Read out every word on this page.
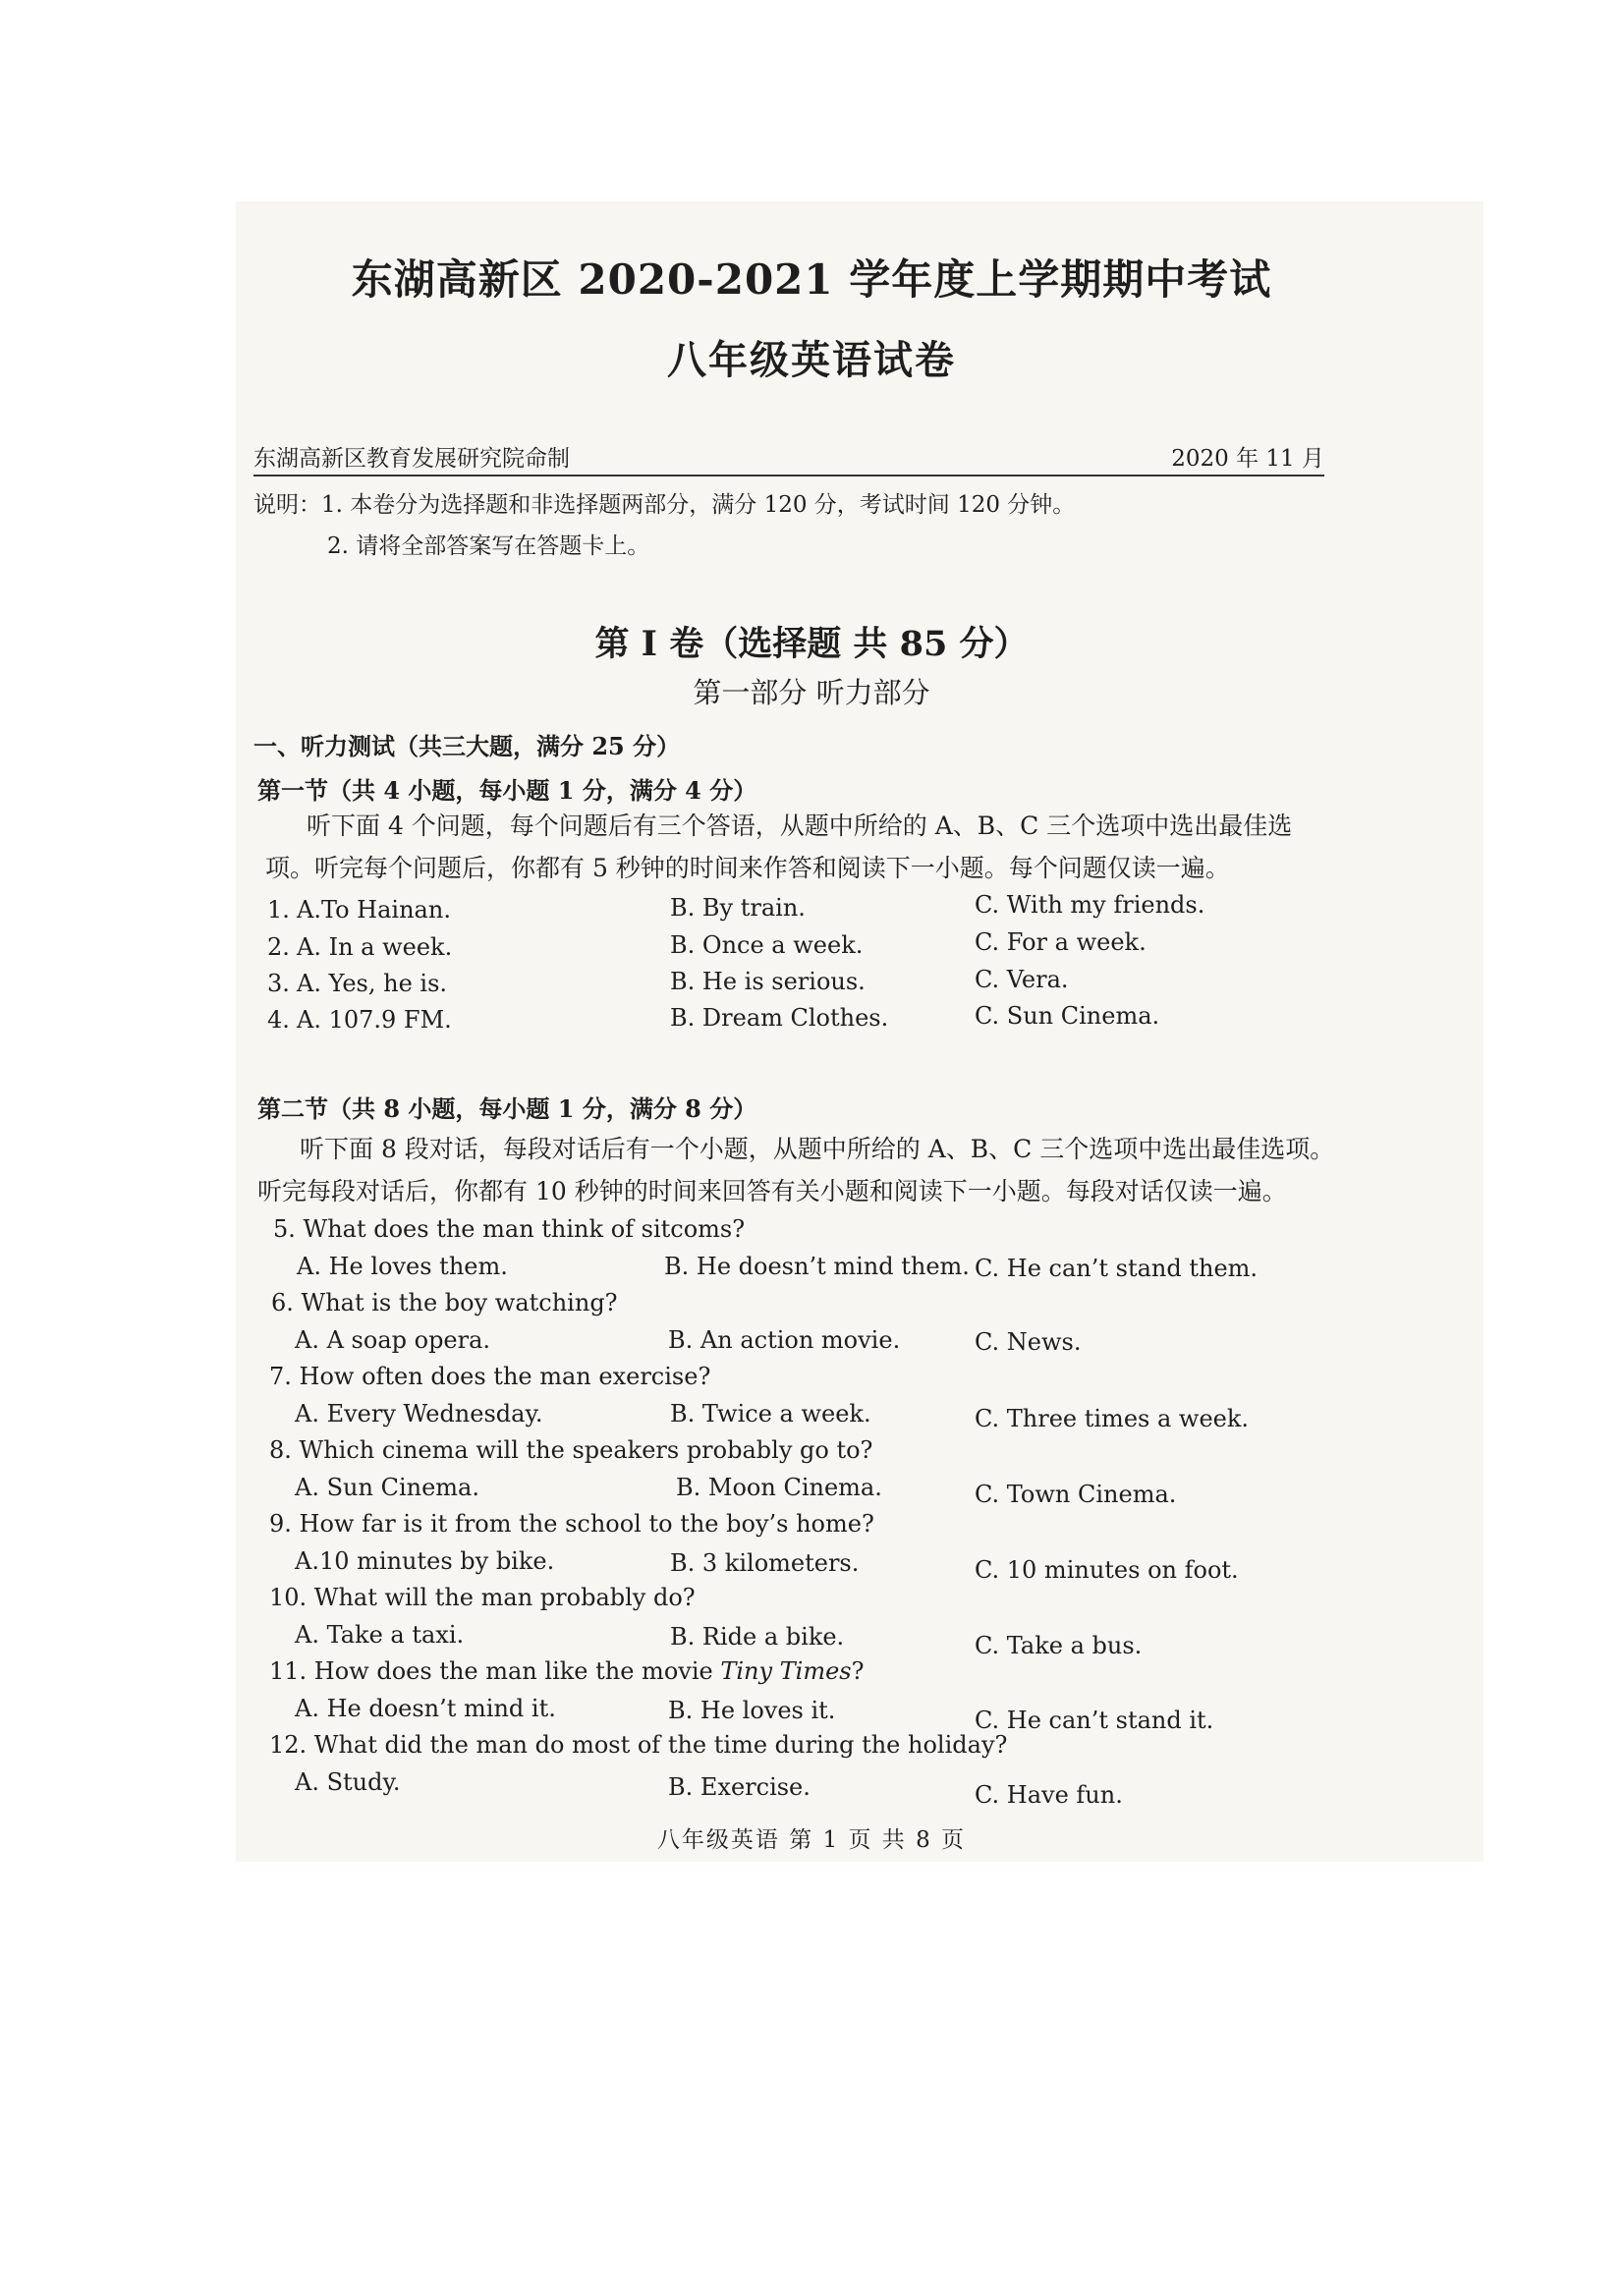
东湖高新区 2020-2021 学年度上学期期中考试
八年级英语试卷
东湖高新区教育发展研究院命制	2020 年 11 月
说明：1. 本卷分为选择题和非选择题两部分，满分 120 分，考试时间 120 分钟。
2. 请将全部答案写在答题卡上。
第 I 卷（选择题 共 85 分）
第一部分 听力部分
一、听力测试（共三大题，满分 25 分）
第一节（共 4 小题，每小题 1 分，满分 4 分）
听下面 4 个问题，每个问题后有三个答语，从题中所给的 A、B、C 三个选项中选出最佳选
项。听完每个问题后，你都有 5 秒钟的时间来作答和阅读下一小题。每个问题仅读一遍。
1. A.To Hainan.	B. By train.	C. With my friends.
2. A. In a week.	B. Once a week.	C. For a week.
3. A. Yes, he is.	B. He is serious.	C. Vera.
4. A. 107.9 FM.	B. Dream Clothes.	C. Sun Cinema.
第二节（共 8 小题，每小题 1 分，满分 8 分）
听下面 8 段对话，每段对话后有一个小题，从题中所给的 A、B、C 三个选项中选出最佳选项。
听完每段对话后，你都有 10 秒钟的时间来回答有关小题和阅读下一小题。每段对话仅读一遍。
5. What does the man think of sitcoms?
A. He loves them.	B. He doesn’t mind them. C. He can’t stand them.
6. What is the boy watching?
A. A soap opera.	B. An action movie.	C. News.
7. How often does the man exercise?
A. Every Wednesday.	B. Twice a week.	C. Three times a week.
8. Which cinema will the speakers probably go to?
A. Sun Cinema.	B. Moon Cinema.	C. Town Cinema.
9. How far is it from the school to the boy’s home?
A.10 minutes by bike.	B. 3 kilometers.	C. 10 minutes on foot.
10. What will the man probably do?
A. Take a taxi.	B. Ride a bike.	C. Take a bus.
11. How does the man like the movie Tiny Times?
A. He doesn’t mind it.	B. He loves it.	C. He can’t stand it.
12. What did the man do most of the time during the holiday?
A. Study.	B. Exercise.	C. Have fun.
八年级英语 第 1 页 共 8 页
